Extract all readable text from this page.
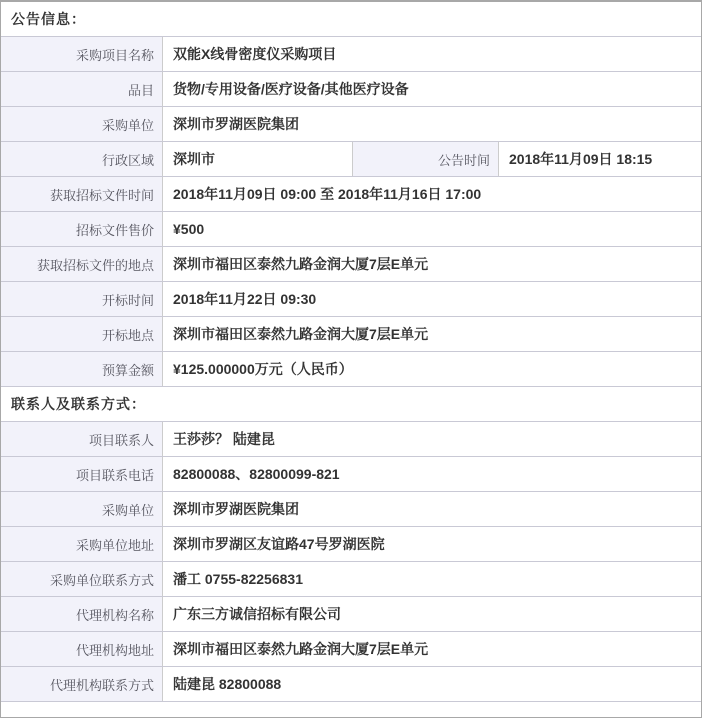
公告信息：
采购项目名称	双能X线骨密度仪采购项目
品目	货物/专用设备/医疗设备/其他医疗设备
采购单位	深圳市罗湖医院集团
行政区域	深圳市	公告时间	2018年11月09日 18:15
获取招标文件时间	2018年11月09日 09:00 至 2018年11月16日 17:00
招标文件售价	¥500
获取招标文件的地点	深圳市福田区泰然九路金润大厦7层E单元
开标时间	2018年11月22日 09:30
开标地点	深圳市福田区泰然九路金润大厦7层E单元
预算金额	¥125.000000万元（人民币）
联系人及联系方式：
项目联系人	王莎莎？ 陆建昆
项目联系电话	82800088、82800099-821
采购单位	深圳市罗湖医院集团
采购单位地址	深圳市罗湖区友谊路47号罗湖医院
采购单位联系方式	潘工 0755-82256831
代理机构名称	广东三方诚信招标有限公司
代理机构地址	深圳市福田区泰然九路金润大厦7层E单元
代理机构联系方式	陆建昆 82800088
